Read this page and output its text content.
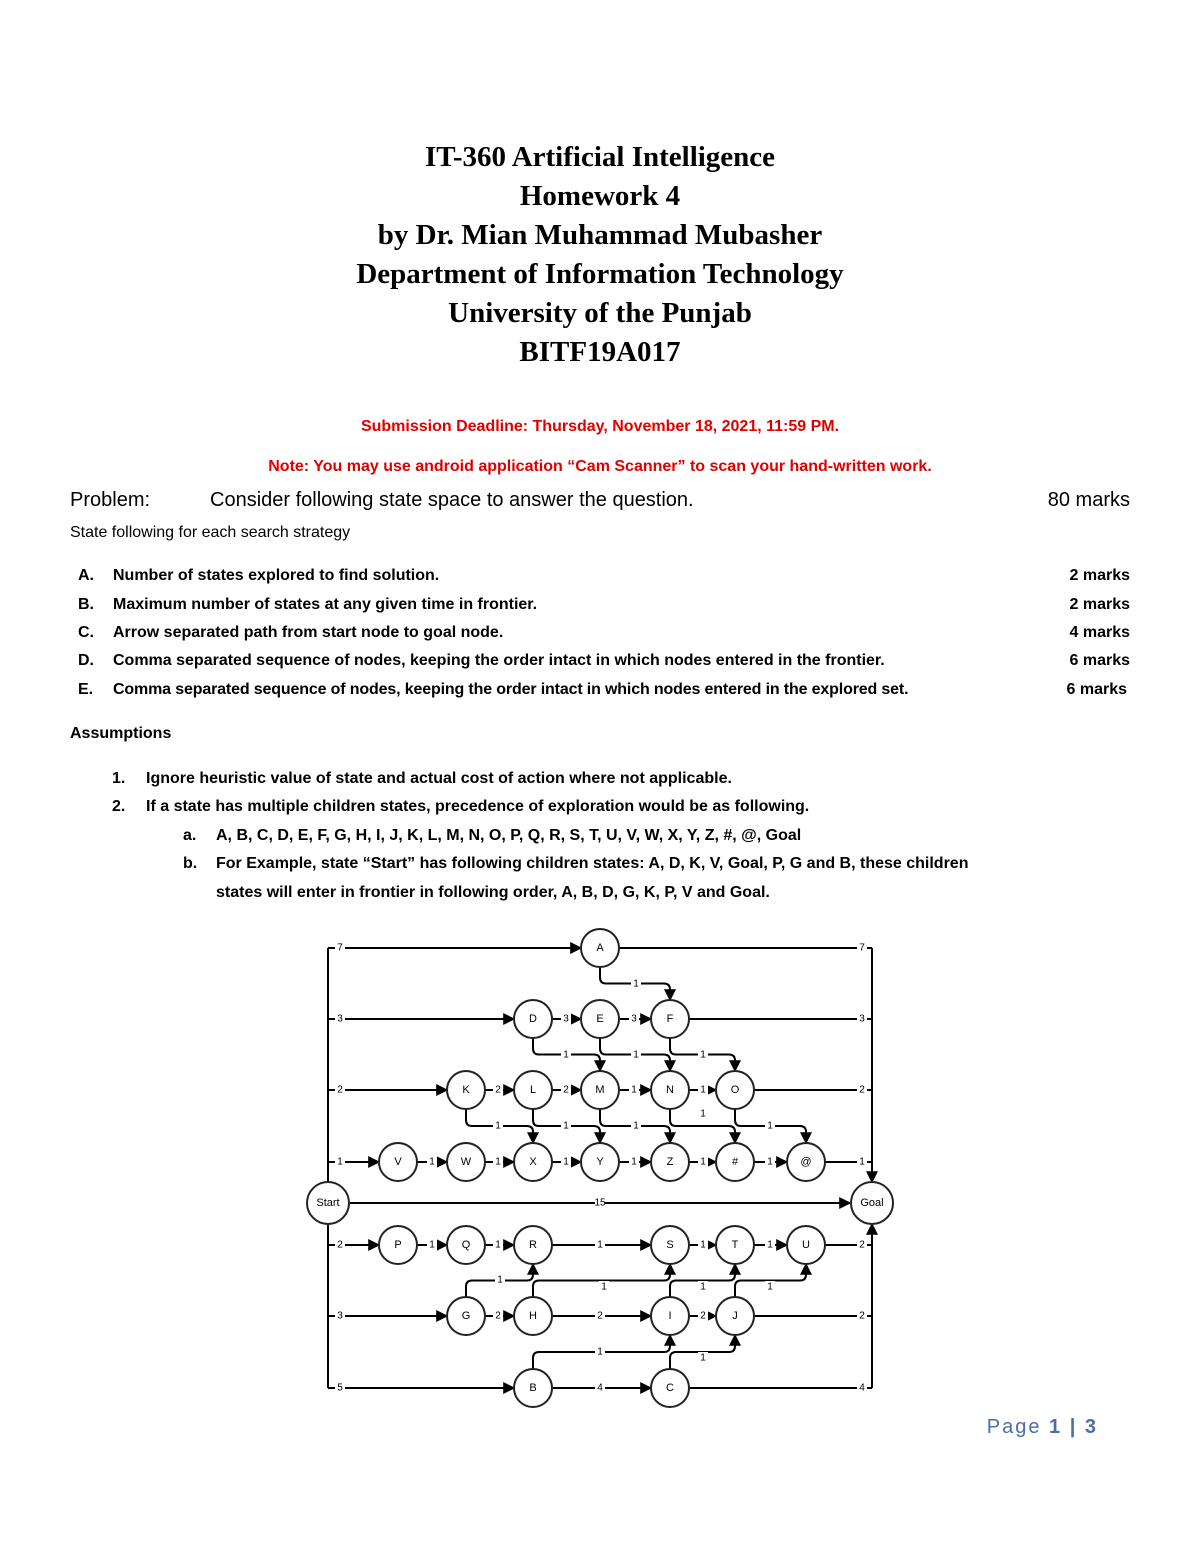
IT-360 Artificial Intelligence
Homework 4
by Dr. Mian Muhammad Mubasher
Department of Information Technology
University of the Punjab
BITF19A017
Submission Deadline: Thursday, November 18, 2021, 11:59 PM.
Note: You may use android application “Cam Scanner” to scan your hand-written work.
Problem:	Consider following state space to answer the question.	80 marks
State following for each search strategy
A. Number of states explored to find solution.	2 marks
B. Maximum number of states at any given time in frontier.	2 marks
C. Arrow separated path from start node to goal node.	4 marks
D. Comma separated sequence of nodes, keeping the order intact in which nodes entered in the frontier.	6 marks
E. Comma separated sequence of nodes, keeping the order intact in which nodes entered in the explored set.	6 marks
Assumptions
1. Ignore heuristic value of state and actual cost of action where not applicable.
2. If a state has multiple children states, precedence of exploration would be as following.
a. A, B, C, D, E, F, G, H, I, J, K, L, M, N, O, P, Q, R, S, T, U, V, W, X, Y, Z, #, @, Goal
b. For Example, state “Start” has following children states: A, D, K, V, Goal, P, G and B, these children
states will enter in frontier in following order, A, B, D, G, K, P, V and Goal.
7	7
3	3
3	3
2	2
2	2	1	1
1	1
1	1	1	1	1	1
15
2	2
1	1	1	1	1
3	2
2	2	2
5	4
4
1
1	1	1
1	1	1
1
1
1
1	1	1
1
1
Start	Goal
A
D	E	F
K	L	M	N	O
V	W	X	Y	Z	#	@
P	Q	R	S	T	U
G	H	I	J
B	C
Page 1 | 3
